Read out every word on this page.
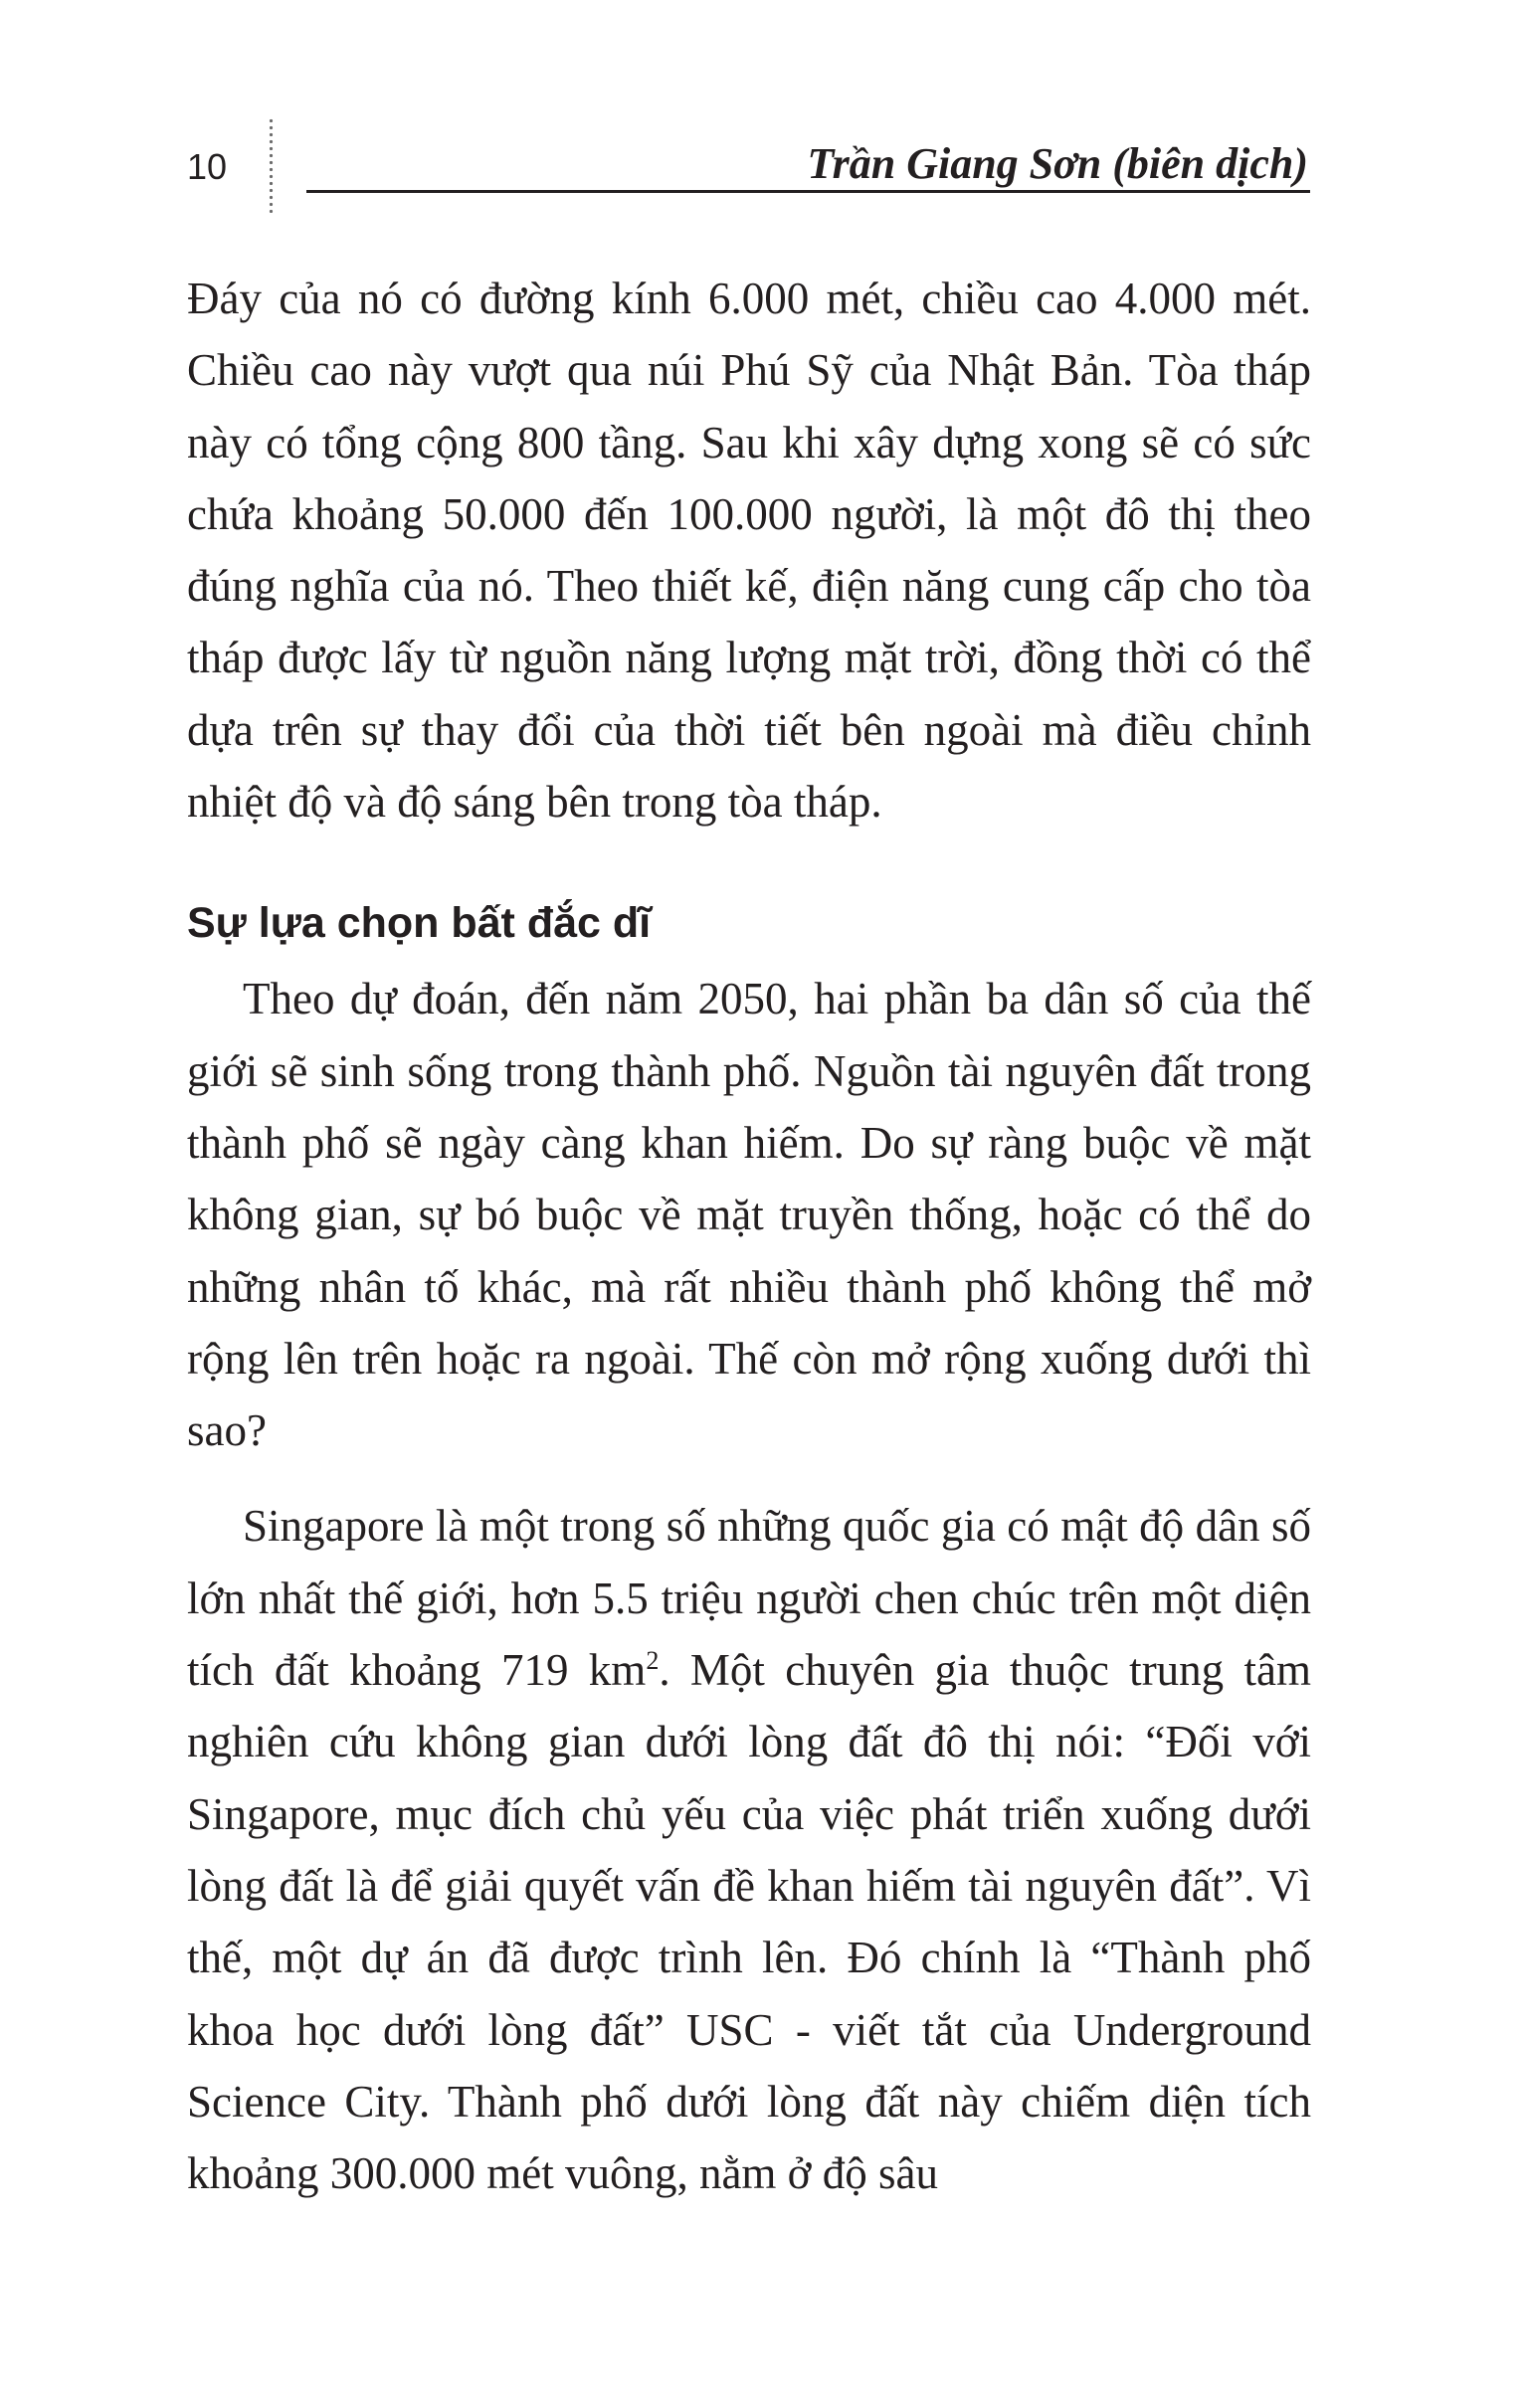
10	Trần Giang Sơn (biên dịch)

Đáy của nó có đường kính 6.000 mét, chiều cao 4.000 mét. Chiều cao này vượt qua núi Phú Sỹ của Nhật Bản. Tòa tháp này có tổng cộng 800 tầng. Sau khi xây dựng xong sẽ có sức chứa khoảng 50.000 đến 100.000 người, là một đô thị theo đúng nghĩa của nó. Theo thiết kế, điện năng cung cấp cho tòa tháp được lấy từ nguồn năng lượng mặt trời, đồng thời có thể dựa trên sự thay đổi của thời tiết bên ngoài mà điều chỉnh nhiệt độ và độ sáng bên trong tòa tháp.

Sự lựa chọn bất đắc dĩ

Theo dự đoán, đến năm 2050, hai phần ba dân số của thế giới sẽ sinh sống trong thành phố. Nguồn tài nguyên đất trong thành phố sẽ ngày càng khan hiếm. Do sự ràng buộc về mặt không gian, sự bó buộc về mặt truyền thống, hoặc có thể do những nhân tố khác, mà rất nhiều thành phố không thể mở rộng lên trên hoặc ra ngoài. Thế còn mở rộng xuống dưới thì sao?

Singapore là một trong số những quốc gia có mật độ dân số lớn nhất thế giới, hơn 5.5 triệu người chen chúc trên một diện tích đất khoảng 719 $km^2$. Một chuyên gia thuộc trung tâm nghiên cứu không gian dưới lòng đất đô thị nói: “Đối với Singapore, mục đích chủ yếu của việc phát triển xuống dưới lòng đất là để giải quyết vấn đề khan hiếm tài nguyên đất”. Vì thế, một dự án đã được trình lên. Đó chính là “Thành phố khoa học dưới lòng đất” USC - viết tắt của Underground Science City. Thành phố dưới lòng đất này chiếm diện tích khoảng 300.000 mét vuông, nằm ở độ sâu
